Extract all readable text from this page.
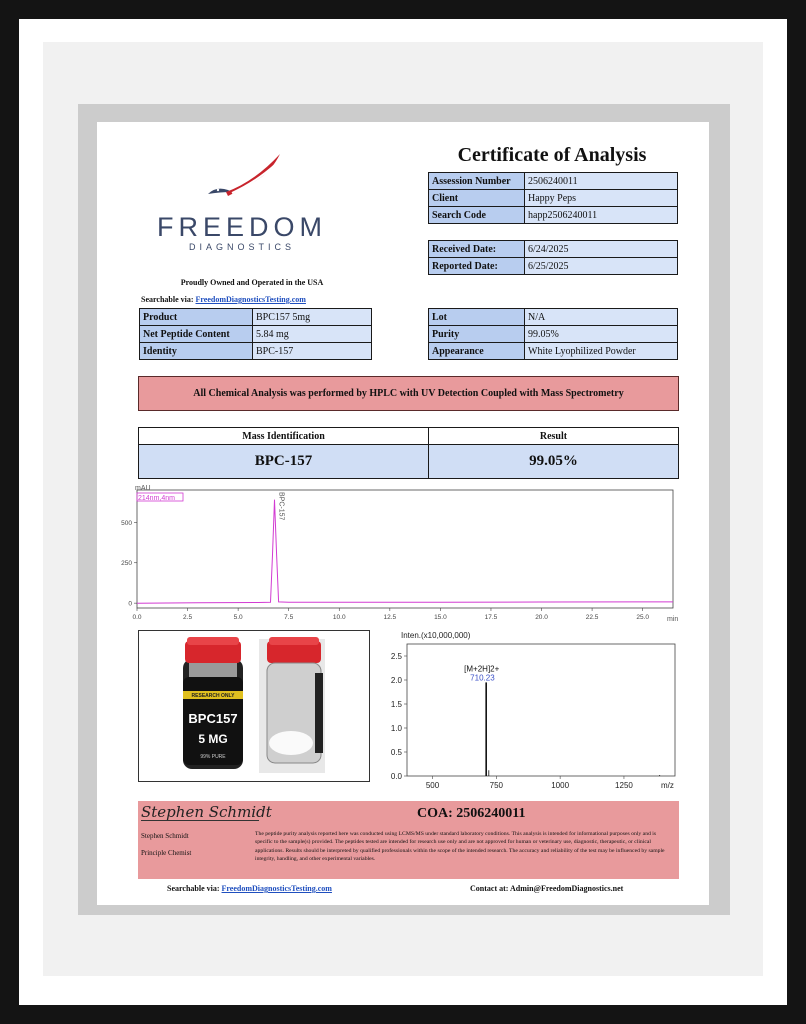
FREEDOM
DIAGNOSTICS
Proudly Owned and Operated in the USA
Searchable via: FreedomDiagnosticsTesting.com
Certificate of Analysis
Assession Number	2506240011
Client	Happy Peps
Search Code	happ2506240011
Received Date:	6/24/2025
Reported Date:	6/25/2025
Product	BPC157 5mg
Net Peptide Content	5.84 mg
Identity	BPC-157
Lot	N/A
Purity	99.05%
Appearance	White Lyophilized Powder
All Chemical Analysis was performed by HPLC with UV Detection Coupled with Mass Spectrometry
Mass Identification	Result
BPC-157	99.05%
mAU
214nm,4nm
min
0.0	2.5	5.0	7.5	10.0	12.5	15.0	17.5	20.0	22.5	25.0
0
250
500
BPC-157
RESEARCH ONLY
BPC157
5 MG
99% PURE
Inten.(x10,000,000)
m/z
500	750	1000	1250
0.0
0.5
1.0
1.5
2.0
2.5
[M+2H]2+
710.23
Stephen Schmidt	COA: 2506240011
Stephen Schmidt
Principle Chemist
The peptide purity analysis reported here was conducted using LCMS/MS under standard laboratory conditions. This analysis is intended for informational purposes only and is specific to the sample(s) provided. The peptides tested are intended for research use only and are not approved for human or veterinary use, diagnostic, therapeutic, or clinical applications. Results should be interpreted by qualified professionals within the scope of the intended research. The accuracy and reliability of the test may be influenced by sample integrity, handling, and other experimental variables.
Searchable via: FreedomDiagnosticsTesting.com	Contact at: Admin@FreedomDiagnostics.net
